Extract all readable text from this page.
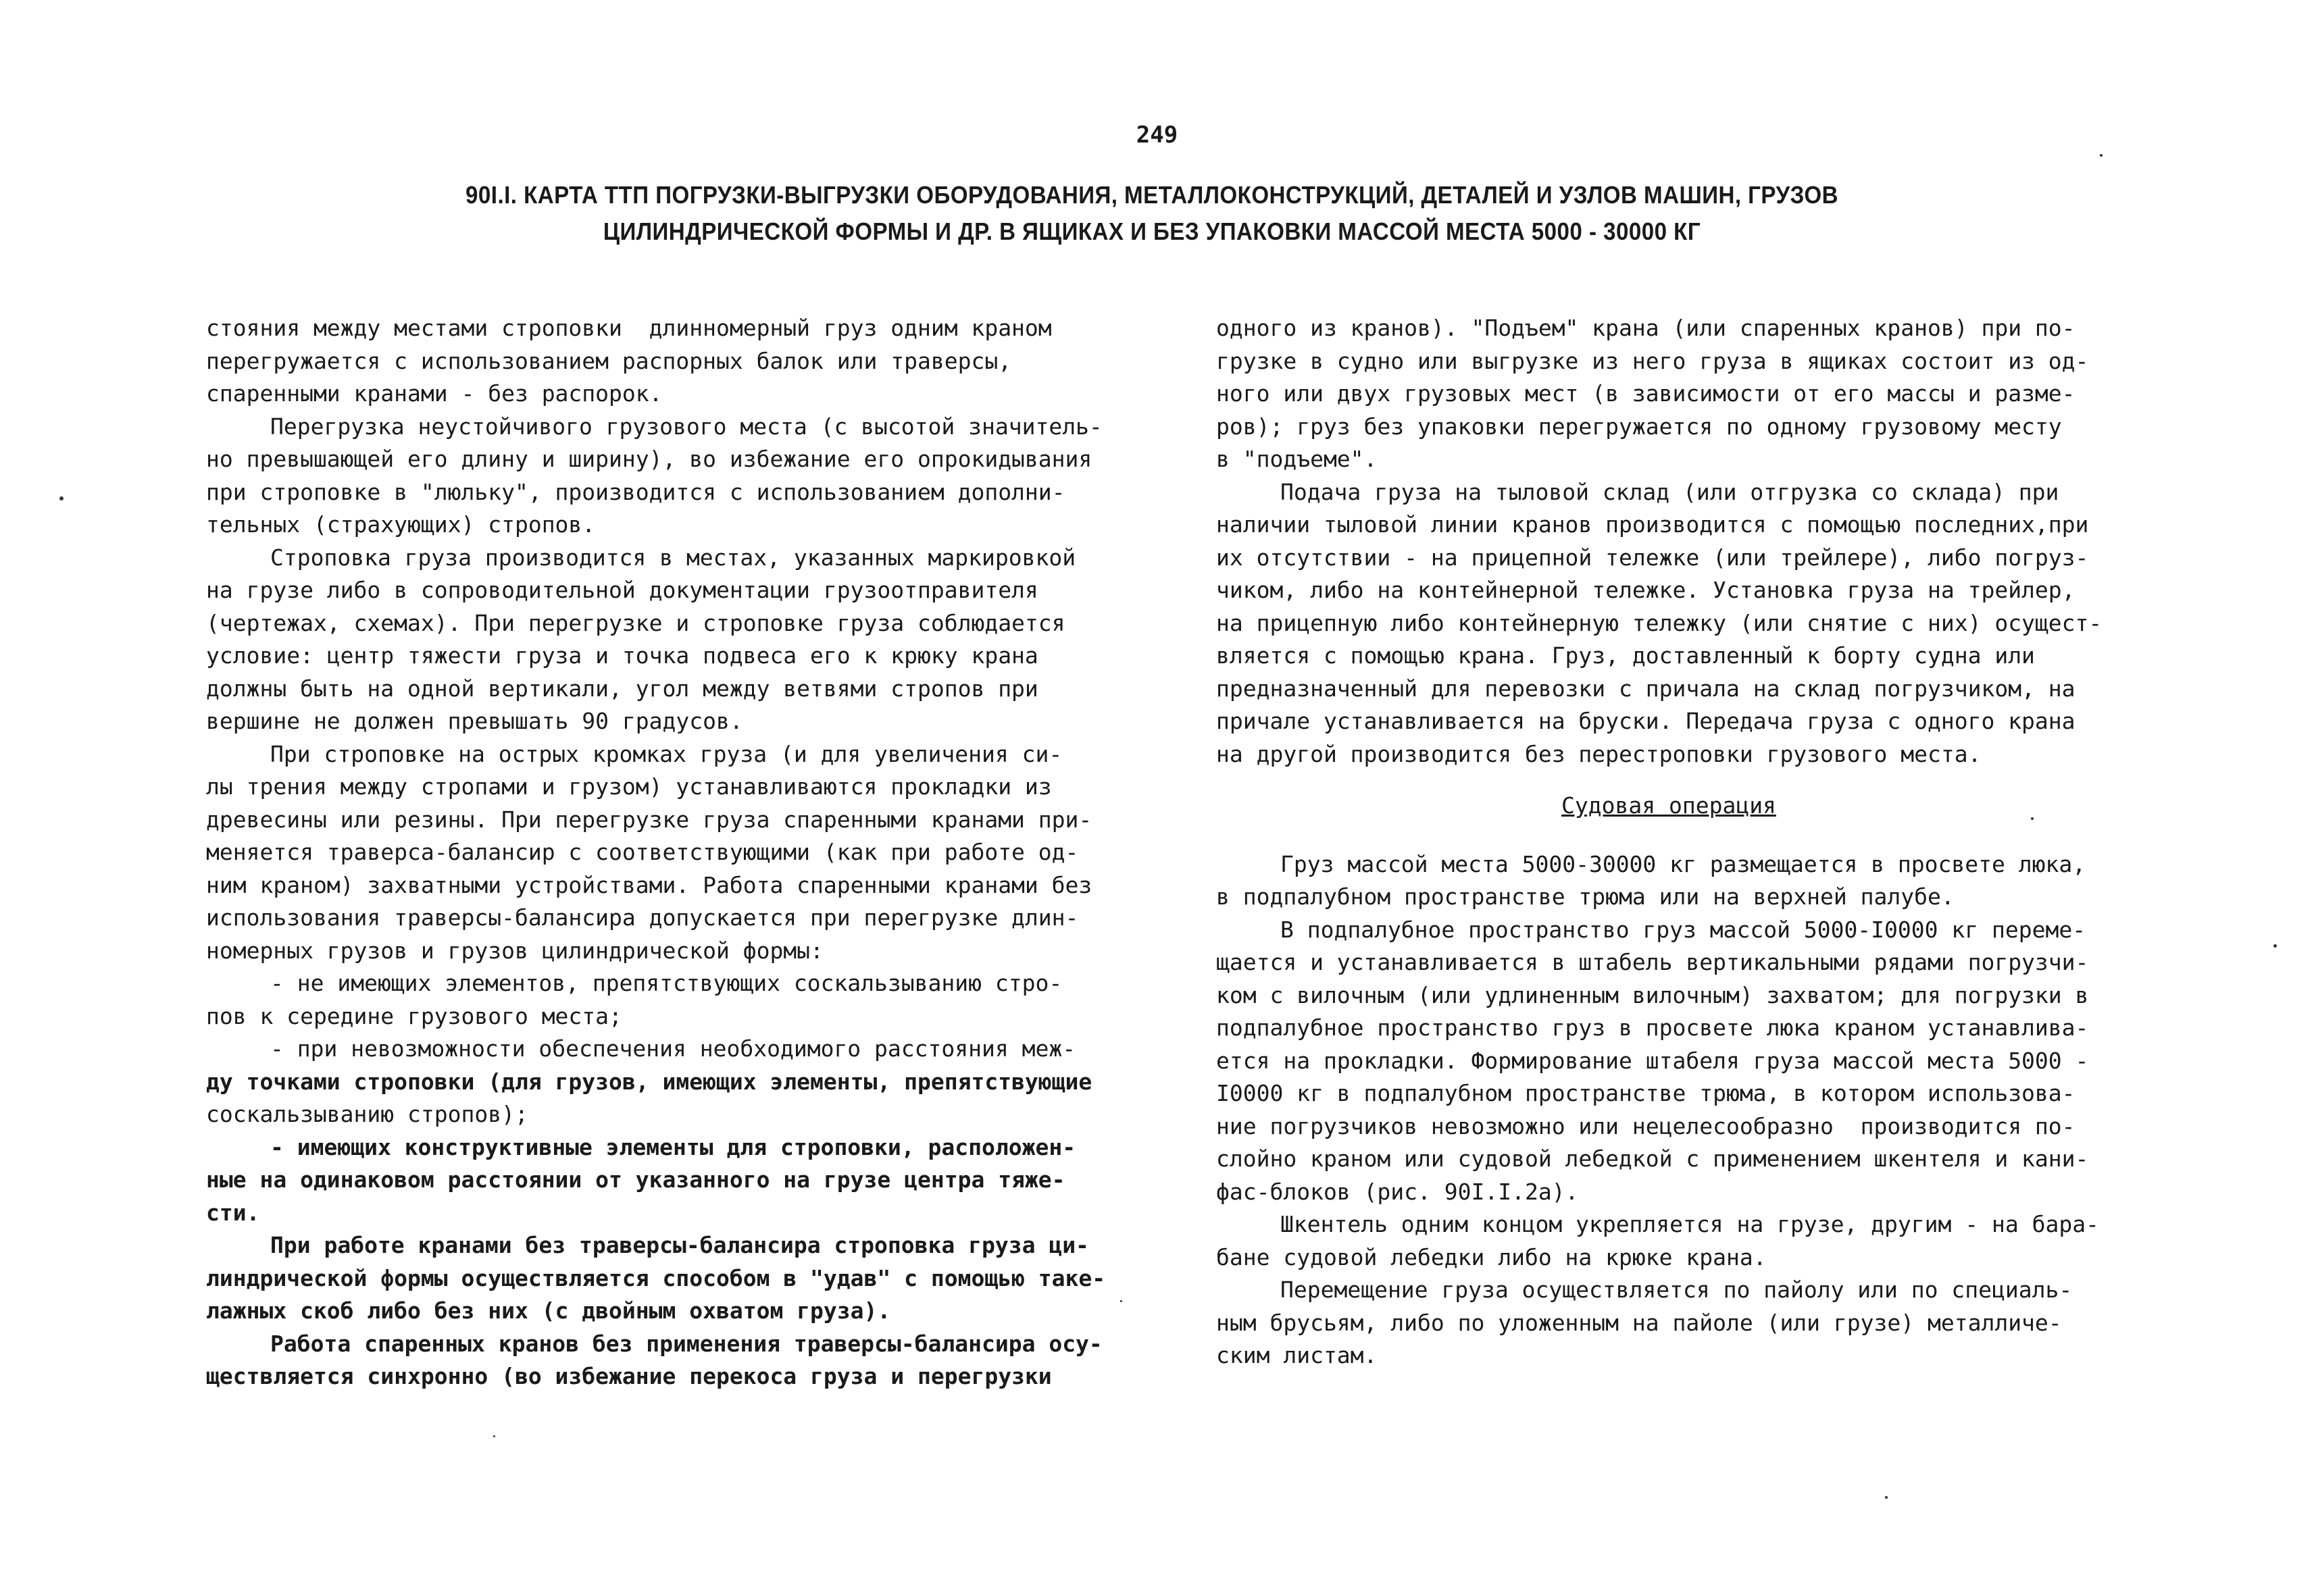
249
90I.I. КАРТА ТТП ПОГРУЗКИ-ВЫГРУЗКИ ОБОРУДОВАНИЯ, МЕТАЛЛОКОНСТРУКЦИЙ, ДЕТАЛЕЙ И УЗЛОВ МАШИН, ГРУЗОВ
ЦИЛИНДРИЧЕСКОЙ ФОРМЫ И ДР. В ЯЩИКАХ И БЕЗ УПАКОВКИ МАССОЙ МЕСТА 5000 - 30000 КГ
стояния между местами строповки  длинномерный груз одним краном
перегружается с использованием распорных балок или траверсы,
спаренными кранами - без распорок.
Перегрузка неустойчивого грузового места (с высотой значитель-
но превышающей его длину и ширину), во избежание его опрокидывания
при строповке в "люльку", производится с использованием дополни-
тельных (страхующих) стропов.
Строповка груза производится в местах, указанных маркировкой
на грузе либо в сопроводительной документации грузоотправителя
(чертежах, схемах). При перегрузке и строповке груза соблюдается
условие: центр тяжести груза и точка подвеса его к крюку крана
должны быть на одной вертикали, угол между ветвями стропов при
вершине не должен превышать 90 градусов.
При строповке на острых кромках груза (и для увеличения си-
лы трения между стропами и грузом) устанавливаются прокладки из
древесины или резины. При перегрузке груза спаренными кранами при-
меняется траверса-балансир с соответствующими (как при работе од-
ним краном) захватными устройствами. Работа спаренными кранами без
использования траверсы-балансира допускается при перегрузке длин-
номерных грузов и грузов цилиндрической формы:
- не имеющих элементов, препятствующих соскальзыванию стро-
пов к середине грузового места;
- при невозможности обеспечения необходимого расстояния меж-
ду точками строповки (для грузов, имеющих элементы, препятствующие
соскальзыванию стропов);
- имеющих конструктивные элементы для строповки, расположен-
ные на одинаковом расстоянии от указанного на грузе центра тяже-
сти.
При работе кранами без траверсы-балансира строповка груза ци-
линдрической формы осуществляется способом в "удав" с помощью таке-
лажных скоб либо без них (с двойным охватом груза).
Работа спаренных кранов без применения траверсы-балансира осу-
ществляется синхронно (во избежание перекоса груза и перегрузки
одного из кранов). "Подъем" крана (или спаренных кранов) при по-
грузке в судно или выгрузке из него груза в ящиках состоит из од-
ного или двух грузовых мест (в зависимости от его массы и разме-
ров); груз без упаковки перегружается по одному грузовому месту
в "подъеме".
Подача груза на тыловой склад (или отгрузка со склада) при
наличии тыловой линии кранов производится с помощью последних,при
их отсутствии - на прицепной тележке (или трейлере), либо погруз-
чиком, либо на контейнерной тележке. Установка груза на трейлер,
на прицепную либо контейнерную тележку (или снятие с них) осущест-
вляется с помощью крана. Груз, доставленный к борту судна или
предназначенный для перевозки с причала на склад погрузчиком, на
причале устанавливается на бруски. Передача груза с одного крана
на другой производится без перестроповки грузового места.
Судовая операция
Груз массой места 5000-30000 кг размещается в просвете люка,
в подпалубном пространстве трюма или на верхней палубе.
В подпалубное пространство груз массой 5000-I0000 кг переме-
щается и устанавливается в штабель вертикальными рядами погрузчи-
ком с вилочным (или удлиненным вилочным) захватом; для погрузки в
подпалубное пространство груз в просвете люка краном устанавлива-
ется на прокладки. Формирование штабеля груза массой места 5000 -
I0000 кг в подпалубном пространстве трюма, в котором использова-
ние погрузчиков невозможно или нецелесообразно  производится по-
слойно краном или судовой лебедкой с применением шкентеля и кани-
фас-блоков (рис. 90I.I.2а).
Шкентель одним концом укрепляется на грузе, другим - на бара-
бане судовой лебедки либо на крюке крана.
Перемещение груза осуществляется по пайолу или по специаль-
ным брусьям, либо по уложенным на пайоле (или грузе) металличе-
ским листам.
